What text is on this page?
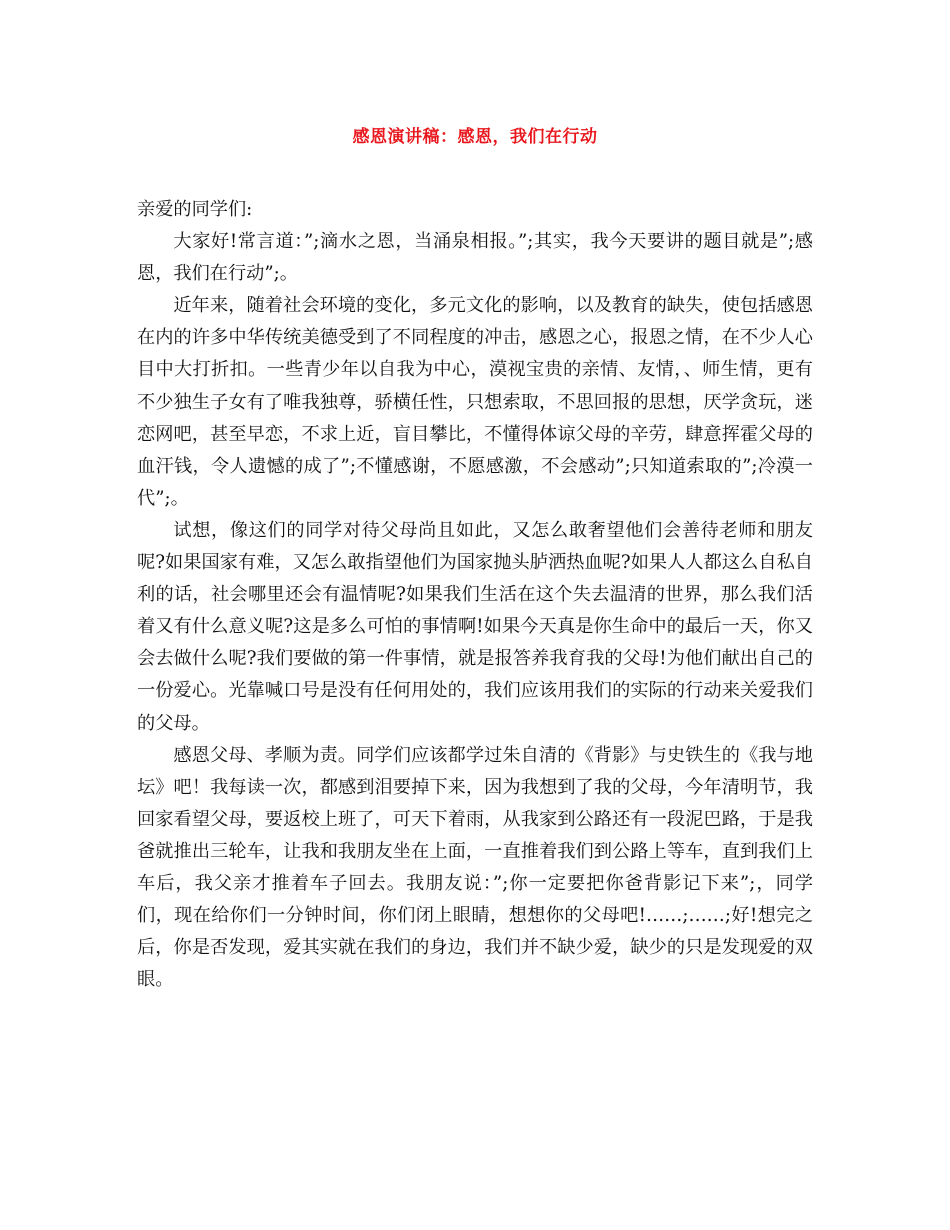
感恩演讲稿：感恩，我们在行动

亲爱的同学们:

大家好!常言道：”;滴水之恩，当涌泉相报。”;其实，我今天要讲的题目就是”;感恩，我们在行动”;。

近年来，随着社会环境的变化，多元文化的影响，以及教育的缺失，使包括感恩在内的许多中华传统美德受到了不同程度的冲击，感恩之心，报恩之情，在不少人心目中大打折扣。一些青少年以自我为中心，漠视宝贵的亲情、友情，、师生情，更有不少独生子女有了唯我独尊，骄横任性，只想索取，不思回报的思想，厌学贪玩，迷恋网吧，甚至早恋，不求上近，盲目攀比，不懂得体谅父母的辛劳，肆意挥霍父母的血汗钱，令人遗憾的成了”;不懂感谢，不愿感激，不会感动”;只知道索取的”;冷漠一代”;。

试想，像这们的同学对待父母尚且如此，又怎么敢奢望他们会善待老师和朋友呢?如果国家有难，又怎么敢指望他们为国家抛头胪洒热血呢?如果人人都这么自私自利的话，社会哪里还会有温情呢?如果我们生活在这个失去温清的世界，那么我们活着又有什么意义呢?这是多么可怕的事情啊!如果今天真是你生命中的最后一天，你又会去做什么呢?我们要做的第一件事情，就是报答养我育我的父母!为他们献出自己的一份爱心。光靠喊口号是没有任何用处的，我们应该用我们的实际的行动来关爱我们的父母。

感恩父母、孝顺为责。同学们应该都学过朱自清的《背影》与史铁生的《我与地坛》吧！我每读一次，都感到泪要掉下来，因为我想到了我的父母，今年清明节，我回家看望父母，要返校上班了，可天下着雨，从我家到公路还有一段泥巴路，于是我爸就推出三轮车，让我和我朋友坐在上面，一直推着我们到公路上等车，直到我们上车后，我父亲才推着车子回去。我朋友说：”;你一定要把你爸背影记下来”;，同学们，现在给你们一分钟时间，你们闭上眼睛，想想你的父母吧!……;……;好!想完之后，你是否发现，爱其实就在我们的身边，我们并不缺少爱，缺少的只是发现爱的双眼。
